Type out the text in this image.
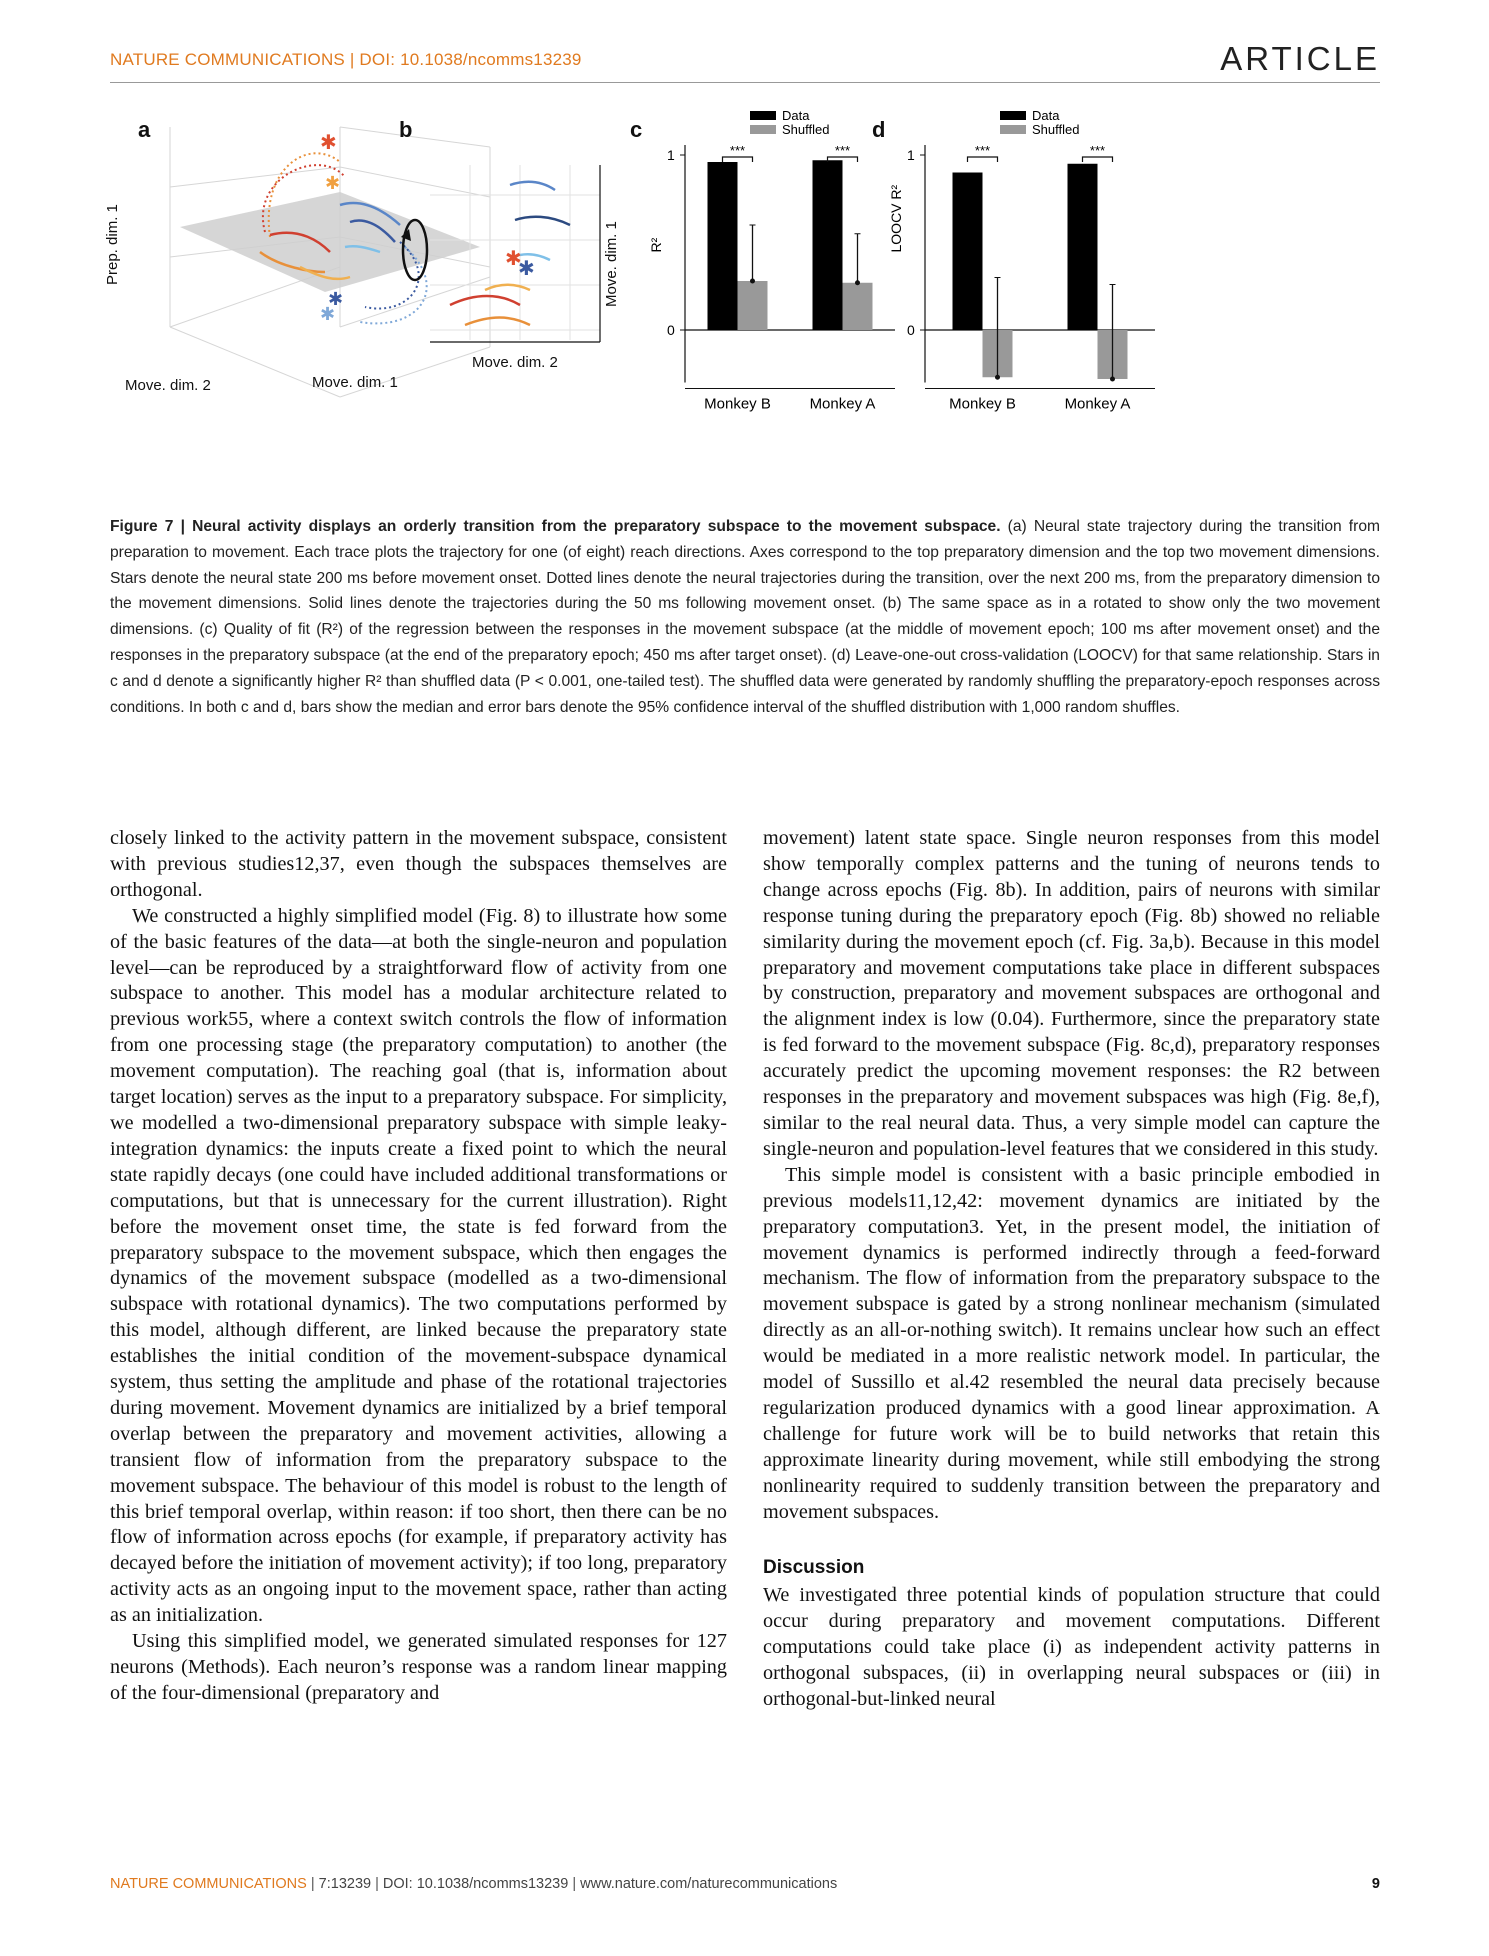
NATURE COMMUNICATIONS | DOI: 10.1038/ncomms13239	ARTICLE
a
✱
✱
✱
✱
Prep. dim. 1
Move. dim. 2	Move. dim. 1
b
✱
✱
Move. dim. 2
Move. dim. 1
c
1
0
R²
Data
Shuffled
***
Monkey B
***
Monkey A
d
1
0
LOOCV R²
Data
Shuffled
***
Monkey B
***
Monkey A
Figure 7 | Neural activity displays an orderly transition from the preparatory subspace to the movement subspace. (a) Neural state trajectory during the transition from preparation to movement. Each trace plots the trajectory for one (of eight) reach directions. Axes correspond to the top preparatory dimension and the top two movement dimensions. Stars denote the neural state 200 ms before movement onset. Dotted lines denote the neural trajectories during the transition, over the next 200 ms, from the preparatory dimension to the movement dimensions. Solid lines denote the trajectories during the 50 ms following movement onset. (b) The same space as in a rotated to show only the two movement dimensions. (c) Quality of fit (R²) of the regression between the responses in the movement subspace (at the middle of movement epoch; 100 ms after movement onset) and the responses in the preparatory subspace (at the end of the preparatory epoch; 450 ms after target onset). (d) Leave-one-out cross-validation (LOOCV) for that same relationship. Stars in c and d denote a significantly higher R² than shuffled data (P < 0.001, one-tailed test). The shuffled data were generated by randomly shuffling the preparatory-epoch responses across conditions. In both c and d, bars show the median and error bars denote the 95% confidence interval of the shuffled distribution with 1,000 random shuffles.

closely linked to the activity pattern in the movement subspace, consistent with previous studies12,37, even though the subspaces themselves are orthogonal.

We constructed a highly simplified model (Fig. 8) to illustrate how some of the basic features of the data—at both the single-neuron and population level—can be reproduced by a straightforward flow of activity from one subspace to another. This model has a modular architecture related to previous work55, where a context switch controls the flow of information from one processing stage (the preparatory computation) to another (the movement computation). The reaching goal (that is, information about target location) serves as the input to a preparatory subspace. For simplicity, we modelled a two-dimensional preparatory subspace with simple leaky-integration dynamics: the inputs create a fixed point to which the neural state rapidly decays (one could have included additional transformations or computations, but that is unnecessary for the current illustration). Right before the movement onset time, the state is fed forward from the preparatory subspace to the movement subspace, which then engages the dynamics of the movement subspace (modelled as a two-dimensional subspace with rotational dynamics). The two computations performed by this model, although different, are linked because the preparatory state establishes the initial condition of the movement-subspace dynamical system, thus setting the amplitude and phase of the rotational trajectories during movement. Movement dynamics are initialized by a brief temporal overlap between the preparatory and movement activities, allowing a transient flow of information from the preparatory subspace to the movement subspace. The behaviour of this model is robust to the length of this brief temporal overlap, within reason: if too short, then there can be no flow of information across epochs (for example, if preparatory activity has decayed before the initiation of movement activity); if too long, preparatory activity acts as an ongoing input to the movement space, rather than acting as an initialization.

Using this simplified model, we generated simulated responses for 127 neurons (Methods). Each neuron’s response was a random linear mapping of the four-dimensional (preparatory and

movement) latent state space. Single neuron responses from this model show temporally complex patterns and the tuning of neurons tends to change across epochs (Fig. 8b). In addition, pairs of neurons with similar response tuning during the preparatory epoch (Fig. 8b) showed no reliable similarity during the movement epoch (cf. Fig. 3a,b). Because in this model preparatory and movement computations take place in different subspaces by construction, preparatory and movement subspaces are orthogonal and the alignment index is low (0.04). Furthermore, since the preparatory state is fed forward to the movement subspace (Fig. 8c,d), preparatory responses accurately predict the upcoming movement responses: the R2 between responses in the preparatory and movement subspaces was high (Fig. 8e,f), similar to the real neural data. Thus, a very simple model can capture the single-neuron and population-level features that we considered in this study.

This simple model is consistent with a basic principle embodied in previous models11,12,42: movement dynamics are initiated by the preparatory computation3. Yet, in the present model, the initiation of movement dynamics is performed indirectly through a feed-forward mechanism. The flow of information from the preparatory subspace to the movement subspace is gated by a strong nonlinear mechanism (simulated directly as an all-or-nothing switch). It remains unclear how such an effect would be mediated in a more realistic network model. In particular, the model of Sussillo et al.42 resembled the neural data precisely because regularization produced dynamics with a good linear approximation. A challenge for future work will be to build networks that retain this approximate linearity during movement, while still embodying the strong nonlinearity required to suddenly transition between the preparatory and movement subspaces.

Discussion

We investigated three potential kinds of population structure that could occur during preparatory and movement computations. Different computations could take place (i) as independent activity patterns in orthogonal subspaces, (ii) in overlapping neural subspaces or (iii) in orthogonal-but-linked neural

NATURE COMMUNICATIONS | 7:13239 | DOI: 10.1038/ncomms13239 | www.nature.com/naturecommunications	9
